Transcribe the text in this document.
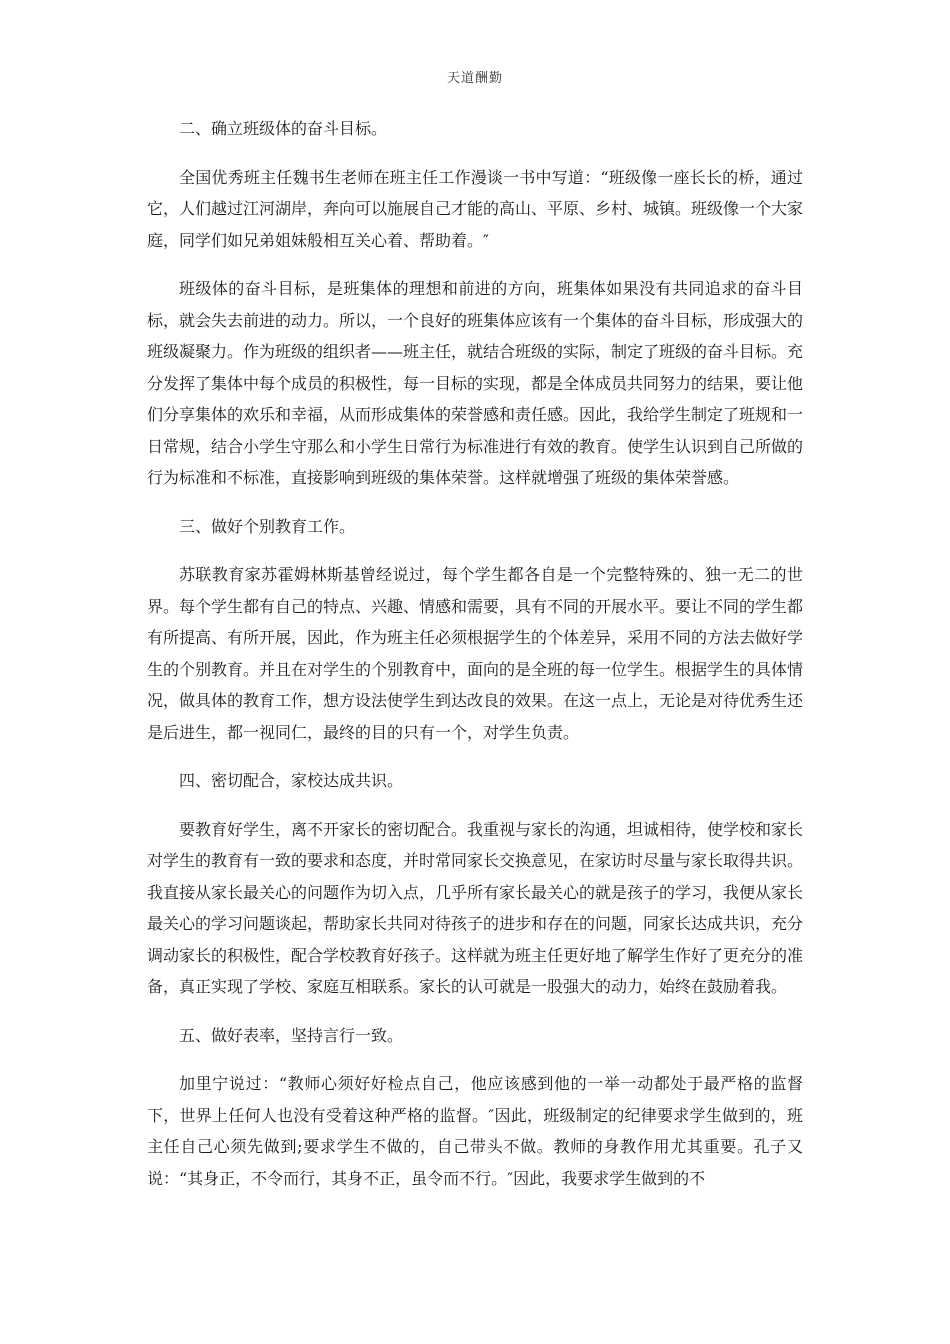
天道酬勤

二、确立班级体的奋斗目标。

全国优秀班主任魏书生老师在班主任工作漫谈一书中写道：“班级像一座长长的桥，通过它，人们越过江河湖岸，奔向可以施展自己才能的高山、平原、乡村、城镇。班级像一个大家庭，同学们如兄弟姐妹般相互关心着、帮助着。″

班级体的奋斗目标，是班集体的理想和前进的方向，班集体如果没有共同追求的奋斗目标，就会失去前进的动力。所以，一个良好的班集体应该有一个集体的奋斗目标，形成强大的班级凝聚力。作为班级的组织者——班主任，就结合班级的实际，制定了班级的奋斗目标。充分发挥了集体中每个成员的积极性，每一目标的实现，都是全体成员共同努力的结果，要让他们分享集体的欢乐和幸福，从而形成集体的荣誉感和责任感。因此，我给学生制定了班规和一日常规，结合小学生守那么和小学生日常行为标准进行有效的教育。使学生认识到自己所做的行为标准和不标准，直接影响到班级的集体荣誉。这样就增强了班级的集体荣誉感。

三、做好个别教育工作。

苏联教育家苏霍姆林斯基曾经说过，每个学生都各自是一个完整特殊的、独一无二的世界。每个学生都有自己的特点、兴趣、情感和需要，具有不同的开展水平。要让不同的学生都有所提高、有所开展，因此，作为班主任必须根据学生的个体差异，采用不同的方法去做好学生的个别教育。并且在对学生的个别教育中，面向的是全班的每一位学生。根据学生的具体情况，做具体的教育工作，想方设法使学生到达改良的效果。在这一点上，无论是对待优秀生还是后进生，都一视同仁，最终的目的只有一个，对学生负责。

四、密切配合，家校达成共识。

要教育好学生，离不开家长的密切配合。我重视与家长的沟通，坦诚相待，使学校和家长对学生的教育有一致的要求和态度，并时常同家长交换意见，在家访时尽量与家长取得共识。我直接从家长最关心的问题作为切入点，几乎所有家长最关心的就是孩子的学习，我便从家长最关心的学习问题谈起，帮助家长共同对待孩子的进步和存在的问题，同家长达成共识，充分调动家长的积极性，配合学校教育好孩子。这样就为班主任更好地了解学生作好了更充分的准备，真正实现了学校、家庭互相联系。家长的认可就是一股强大的动力，始终在鼓励着我。

五、做好表率，坚持言行一致。

加里宁说过：“教师心须好好检点自己，他应该感到他的一举一动都处于最严格的监督下，世界上任何人也没有受着这种严格的监督。″因此，班级制定的纪律要求学生做到的，班主任自己心须先做到;要求学生不做的，自己带头不做。教师的身教作用尤其重要。孔子又说：“其身正，不令而行，其身不正，虽令而不行。″因此，我要求学生做到的不
